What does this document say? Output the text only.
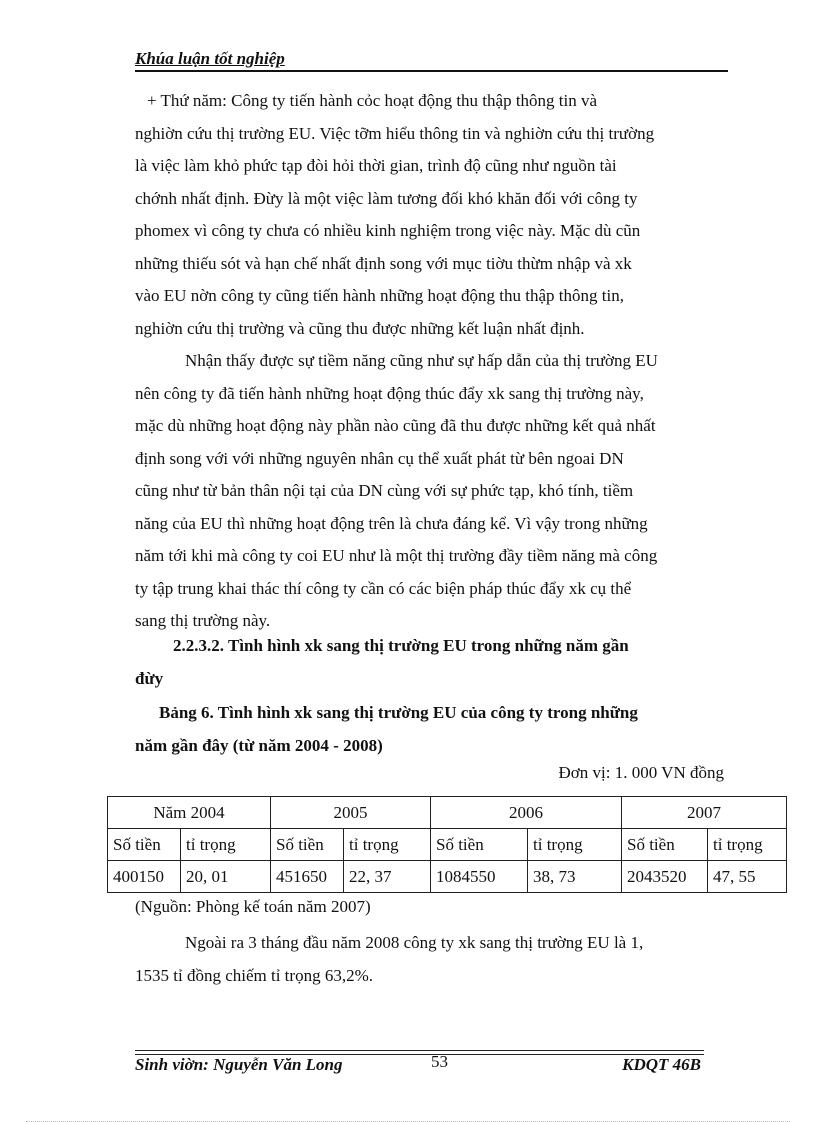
Khúa luận tốt nghiệp

+ Thứ năm: Công ty tiến hành cỏc hoạt động thu thập thông tin và

nghiờn cứu thị trường EU. Việc tỡm hiểu thông tin và nghiờn cứu thị trường

là việc làm khỏ phức tạp đòi hỏi thời gian, trình độ cũng như nguồn tài

chớnh nhất định. Đừy là một việc làm tương đối khó khăn đối với công ty

phomex vì công ty chưa có nhiều kinh nghiệm trong việc này. Mặc dù cũn

những thiếu sót và hạn chế nhất định song với mục tiờu thừm nhập và xk

vào EU nờn công ty cũng tiến hành những hoạt động thu thập thông tin,

nghiờn cứu thị trường và cũng thu được những kết luận nhất định.

Nhận thấy được sự tiềm năng cũng như sự hấp dẫn của thị trường EU

nên công ty đã tiến hành những hoạt động thúc đẩy xk sang thị trường này,

mặc dù những hoạt động này phần nào cũng đã thu được những kết quả nhất

định song với với những nguyên nhân cụ thể xuất phát từ bên ngoai DN

cũng như từ bản thân nội tại của DN cùng với sự phức tạp, khó tính, tiềm

năng của EU thì những hoạt động trên là chưa đáng kể. Vì vậy trong những

năm tới khi mà công ty coi EU như là một thị trường đầy tiềm năng mà công

ty tập trung khai thác thí công ty cần có các biện pháp thúc đẩy xk cụ thể

sang thị trường này.

2.2.3.2. Tình hình xk sang thị trường EU trong những năm gần

đừy

Bảng 6. Tình hình xk sang thị trường EU của công ty trong những

năm gần đây (từ năm 2004 - 2008)

Đơn vị: 1. 000 VN đồng
Năm 2004		2005		2006		2007	
Số tiền	tỉ trọng	Số tiền	tỉ trọng	Số tiền	tỉ trọng	Số tiền	tỉ trọng
400150	20, 01	451650	22, 37	1084550	38, 73	2043520	47, 55
(Nguồn: Phòng kế toán năm 2007)

Ngoài ra 3 tháng đầu năm 2008 công ty xk sang thị trường EU là 1,

1535 tỉ đồng chiếm tỉ trọng 63,2%.

Sinh viờn: Nguyễn Văn Long	53	KDQT 46B
